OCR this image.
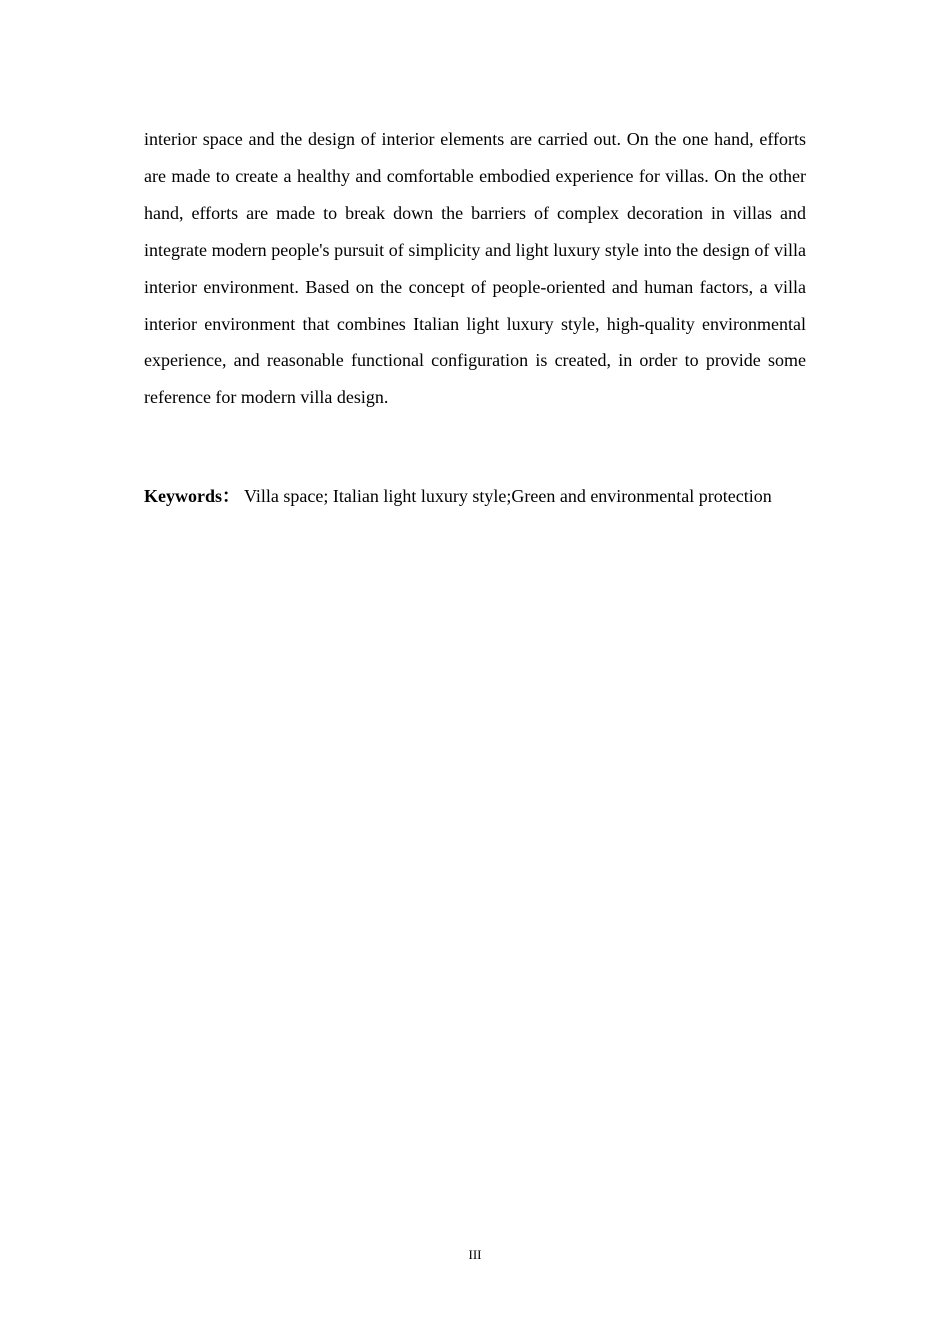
interior space and the design of interior elements are carried out. On the one hand, efforts are made to create a healthy and comfortable embodied experience for villas. On the other hand, efforts are made to break down the barriers of complex decoration in villas and integrate modern people's pursuit of simplicity and light luxury style into the design of villa interior environment. Based on the concept of people-oriented and human factors, a villa interior environment that combines Italian light luxury style, high-quality environmental experience, and reasonable functional configuration is created, in order to provide some reference for modern villa design.

Keywords： Villa space; Italian light luxury style;Green and environmental protection

III
